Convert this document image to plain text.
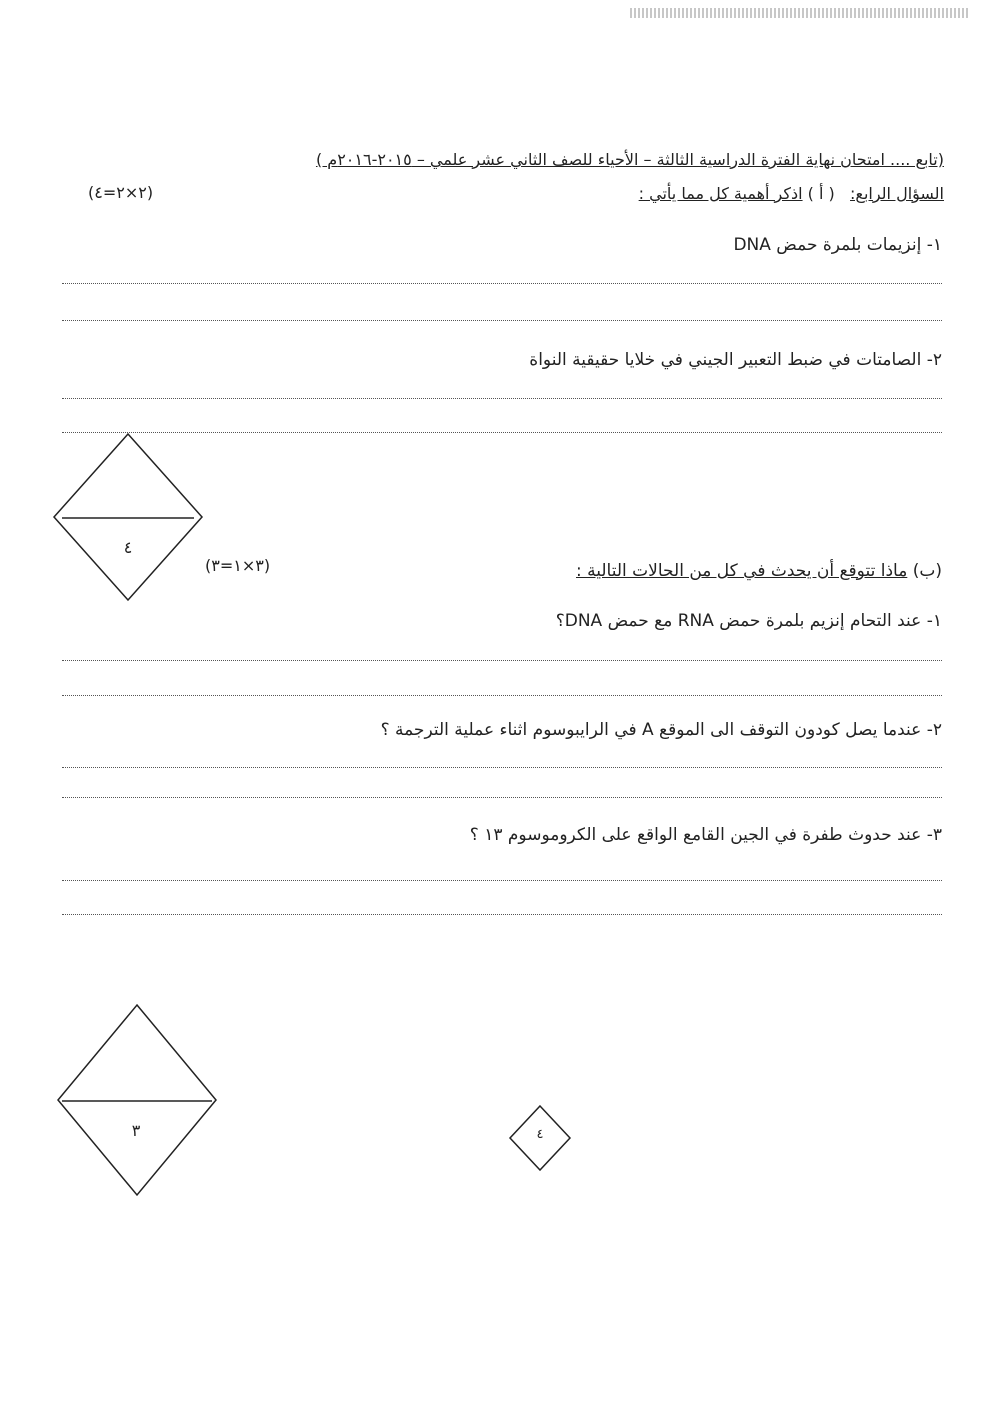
(تابع .... امتحان نهاية الفترة الدراسية الثالثة – الأحياء للصف الثاني عشر علمي – ٢٠١٥-٢٠١٦م )
السؤال الرابع:   ( أ ) اذكر أهمية كل مما يأتي :
(٢×٢=٤)
١- إنزيمات بلمرة حمض DNA
٢- الصامتات في ضبط التعبير الجيني في خلايا حقيقية النواة
٤
(ب) ماذا تتوقع أن يحدث في كل من الحالات التالية :
(٣×١=٣)
١- عند التحام إنزيم بلمرة حمض RNA مع حمض DNA؟
٢- عندما يصل كودون التوقف الى الموقع A في الرايبوسوم اثناء عملية الترجمة ؟
٣- عند حدوث طفرة في الجين القامع الواقع على الكروموسوم ١٣ ؟
٣	٤
